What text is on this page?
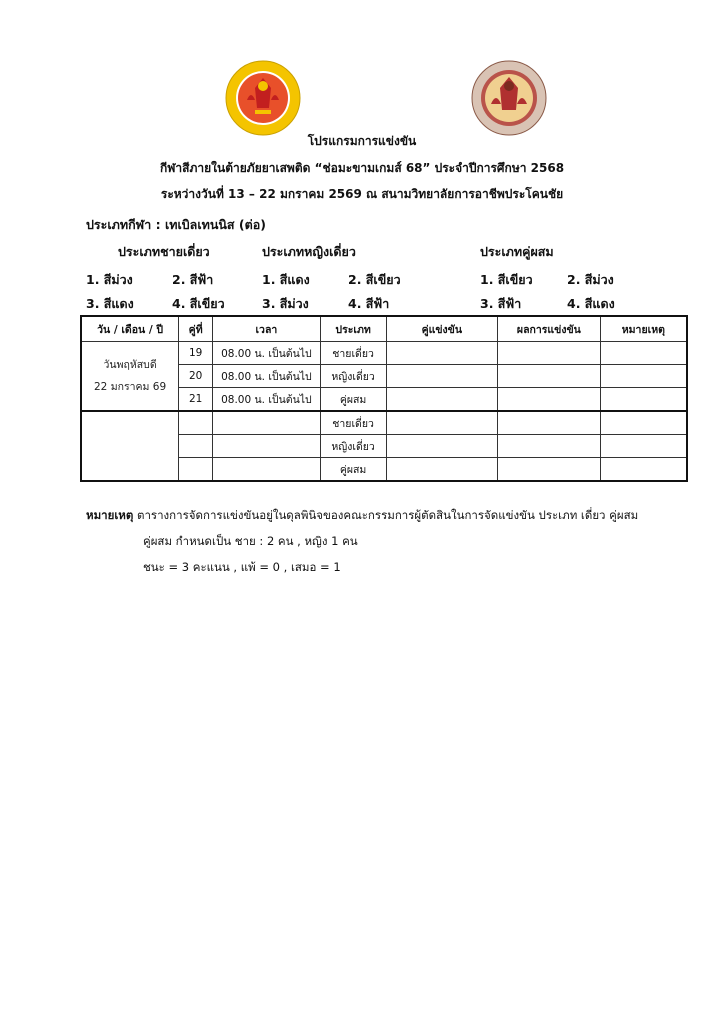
โปรแกรมการแข่งขัน
กีฬาสีภายในต้ายภัยยาเสพติด “ช่อมะขามเกมส์ 68” ประจำปีการศึกษา 2568
ระหว่างวันที่ 13 – 22 มกราคม 2569 ณ สนามวิทยาลัยการอาชีพประโคนชัย
ประเภทกีฬา : เทเบิลเทนนิส (ต่อ)
ประเภทชายเดี่ยว	ประเภทหญิงเดี่ยว	ประเภทคู่ผสม
1. สีม่วง	2. สีฟ้า
3. สีแดง	4. สีเขียว
1. สีแดง	2. สีเขียว
3. สีม่วง	4. สีฟ้า
1. สีเขียว	2. สีม่วง
3. สีฟ้า	4. สีแดง
วัน / เดือน / ปี	คู่ที่	เวลา	ประเภท	คู่แข่งขัน	ผลการแข่งขัน	หมายเหตุ

วันพฤหัสบดี
22 มกราคม 69	19	08.00 น. เป็นต้นไป	ชายเดี่ยว			
	20	08.00 น. เป็นต้นไป	หญิงเดี่ยว			
	21	08.00 น. เป็นต้นไป	คู่ผสม			
			ชายเดี่ยว			
			หญิงเดี่ยว			
			คู่ผสม			
หมายเหตุ ตารางการจัดการแข่งขันอยู่ในดุลพินิจของคณะกรรมการผู้ตัดสินในการจัดแข่งขัน ประเภท เดี่ยว คู่ผสม
คู่ผสม กำหนดเป็น ชาย : 2 คน , หญิง 1 คน
ชนะ = 3 คะแนน , แพ้ = 0 , เสมอ = 1
